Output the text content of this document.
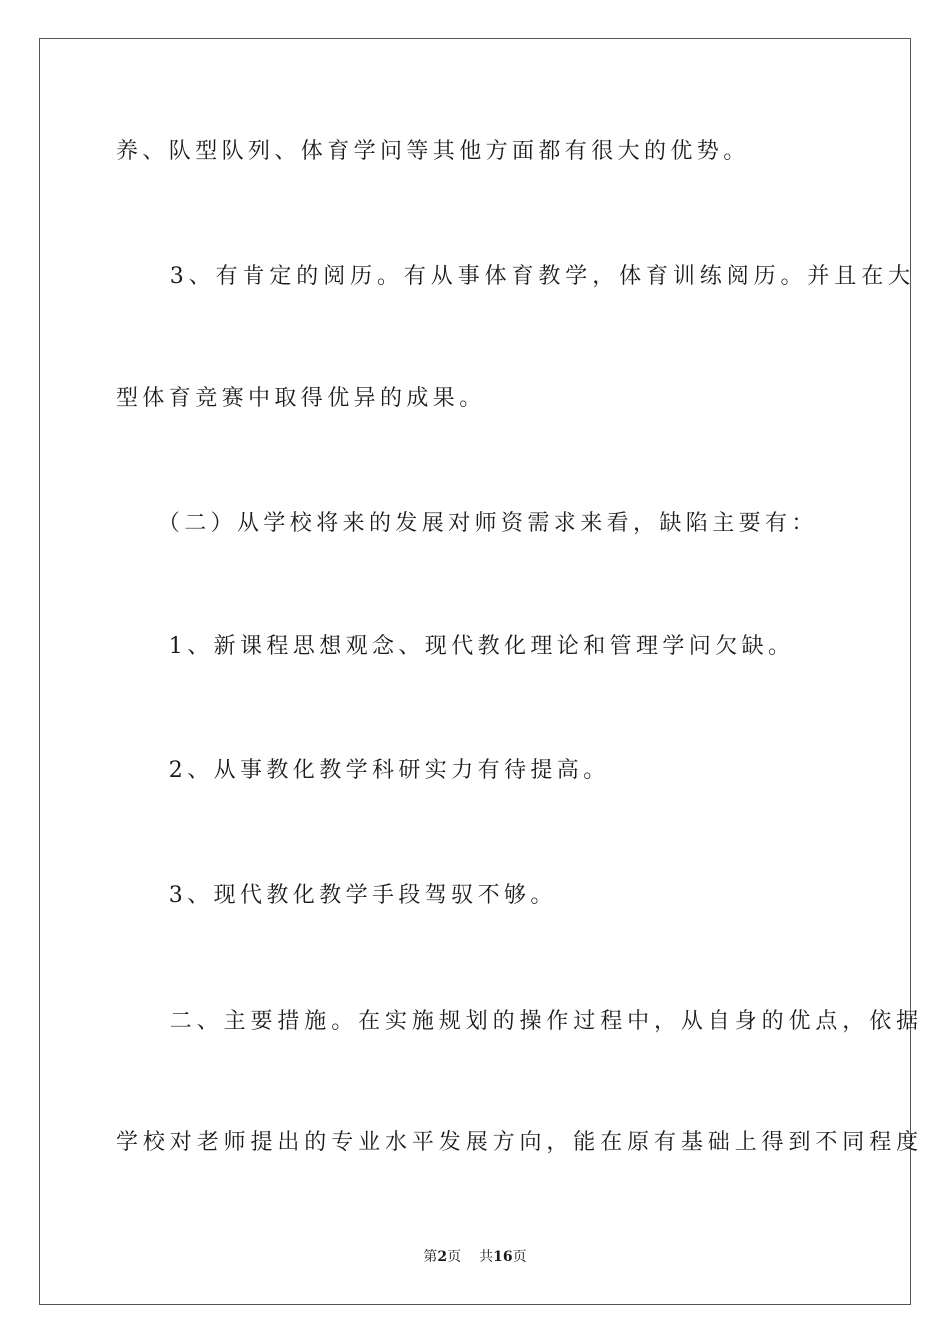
养、队型队列、体育学问等其他方面都有很大的优势。
　　3、有肯定的阅历。有从事体育教学，体育训练阅历。并且在大
型体育竞赛中取得优异的成果。
　　（二）从学校将来的发展对师资需求来看，缺陷主要有：
　　1、新课程思想观念、现代教化理论和管理学问欠缺。
　　2、从事教化教学科研实力有待提高。
　　3、现代教化教学手段驾驭不够。
　　二、主要措施。在实施规划的操作过程中，从自身的优点，依据
学校对老师提出的专业水平发展方向，能在原有基础上得到不同程度
第2页 共16页
